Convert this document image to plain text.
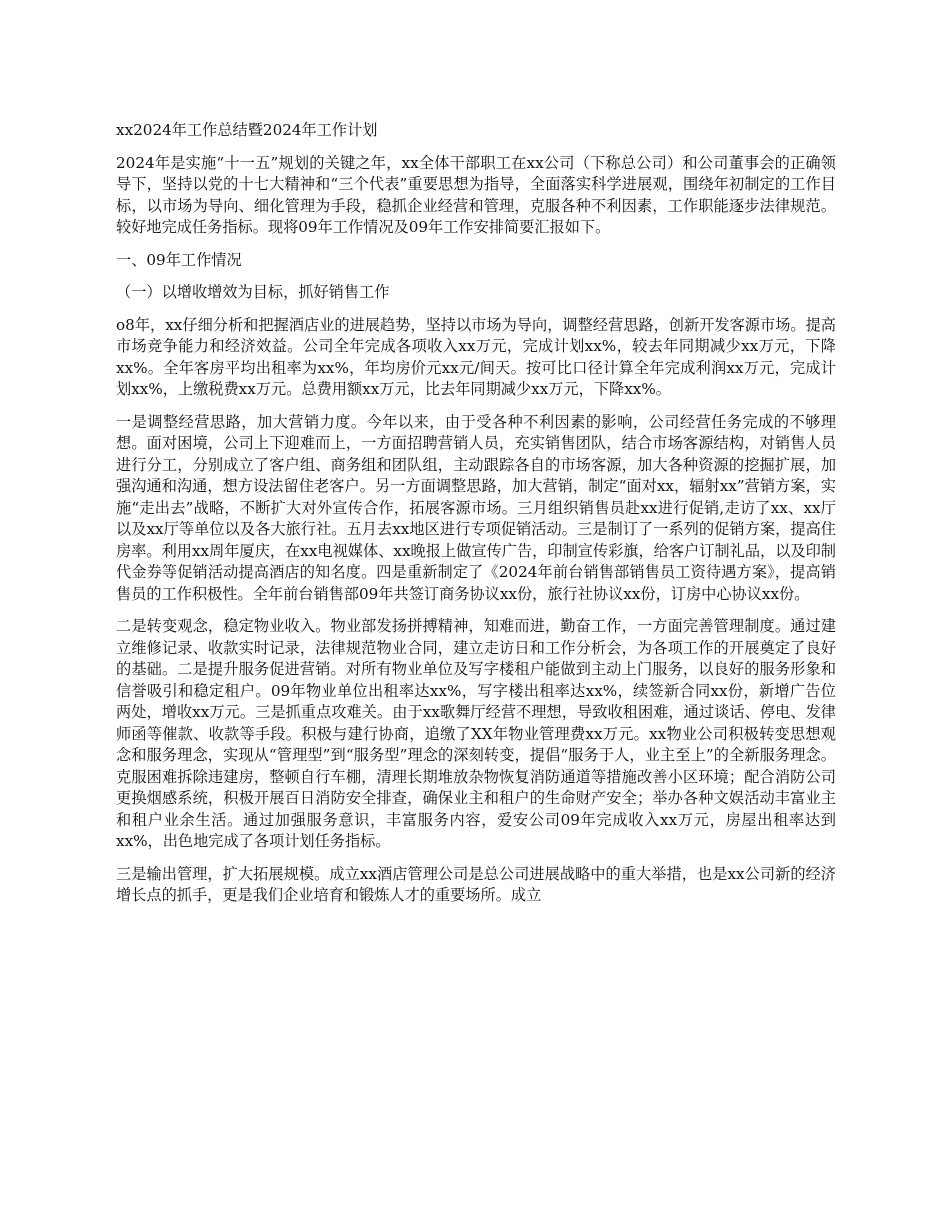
xx2024年工作总结暨2024年工作计划

2024年是实施“十一五”规划的关键之年，xx全体干部职工在xx公司（下称总公司）和公司董事会的正确领导下，坚持以党的十七大精神和“三个代表”重要思想为指导，全面落实科学进展观，围绕年初制定的工作目标，以市场为导向、细化管理为手段，稳抓企业经营和管理，克服各种不利因素，工作职能逐步法律规范。较好地完成任务指标。现将09年工作情况及09年工作安排简要汇报如下。

一、09年工作情况

（一）以增收增效为目标，抓好销售工作

o8年，xx仔细分析和把握酒店业的进展趋势，坚持以市场为导向，调整经营思路，创新开发客源市场。提高市场竞争能力和经济效益。公司全年完成各项收入xx万元，完成计划xx%，较去年同期减少xx万元，下降xx%。全年客房平均出租率为xx%，年均房价元xx元/间天。按可比口径计算全年完成利润xx万元，完成计划xx%，上缴税费xx万元。总费用额xx万元，比去年同期减少xx万元，下降xx%。

一是调整经营思路，加大营销力度。今年以来，由于受各种不利因素的影响，公司经营任务完成的不够理想。面对困境，公司上下迎难而上，一方面招聘营销人员，充实销售团队，结合市场客源结构，对销售人员进行分工，分别成立了客户组、商务组和团队组，主动跟踪各自的市场客源，加大各种资源的挖掘扩展，加强沟通和沟通，想方设法留住老客户。另一方面调整思路，加大营销，制定“面对xx，辐射xx”营销方案，实施“走出去”战略，不断扩大对外宣传合作，拓展客源市场。三月组织销售员赴xx进行促销,走访了xx、xx厅以及xx厅等单位以及各大旅行社。五月去xx地区进行专项促销活动。三是制订了一系列的促销方案，提高住房率。利用xx周年厦庆，在xx电视媒体、xx晚报上做宣传广告，印制宣传彩旗，给客户订制礼品，以及印制代金券等促销活动提高酒店的知名度。四是重新制定了《2024年前台销售部销售员工资待遇方案》，提高销售员的工作积极性。全年前台销售部09年共签订商务协议xx份，旅行社协议xx份，订房中心协议xx份。

二是转变观念，稳定物业收入。物业部发扬拼搏精神，知难而进，勤奋工作，一方面完善管理制度。通过建立维修记录、收款实时记录，法律规范物业合同，建立走访日和工作分析会，为各项工作的开展奠定了良好的基础。二是提升服务促进营销。对所有物业单位及写字楼租户能做到主动上门服务，以良好的服务形象和信誉吸引和稳定租户。09年物业单位出租率达xx%，写字楼出租率达xx%，续签新合同xx份，新增广告位两处，增收xx万元。三是抓重点攻难关。由于xx歌舞厅经营不理想，导致收租困难，通过谈话、停电、发律师函等催款、收款等手段。积极与建行协商，追缴了XX年物业管理费xx万元。xx物业公司积极转变思想观念和服务理念，实现从“管理型”到“服务型”理念的深刻转变，提倡“服务于人，业主至上”的全新服务理念。克服困难拆除违建房，整顿自行车棚，清理长期堆放杂物恢复消防通道等措施改善小区环境；配合消防公司更换烟感系统，积极开展百日消防安全排查，确保业主和租户的生命财产安全；举办各种文娱活动丰富业主和租户业余生活。通过加强服务意识，丰富服务内容，爱安公司09年完成收入xx万元，房屋出租率达到xx%，出色地完成了各项计划任务指标。

三是输出管理，扩大拓展规模。成立xx酒店管理公司是总公司进展战略中的重大举措，也是xx公司新的经济增长点的抓手，更是我们企业培育和锻炼人才的重要场所。成立
